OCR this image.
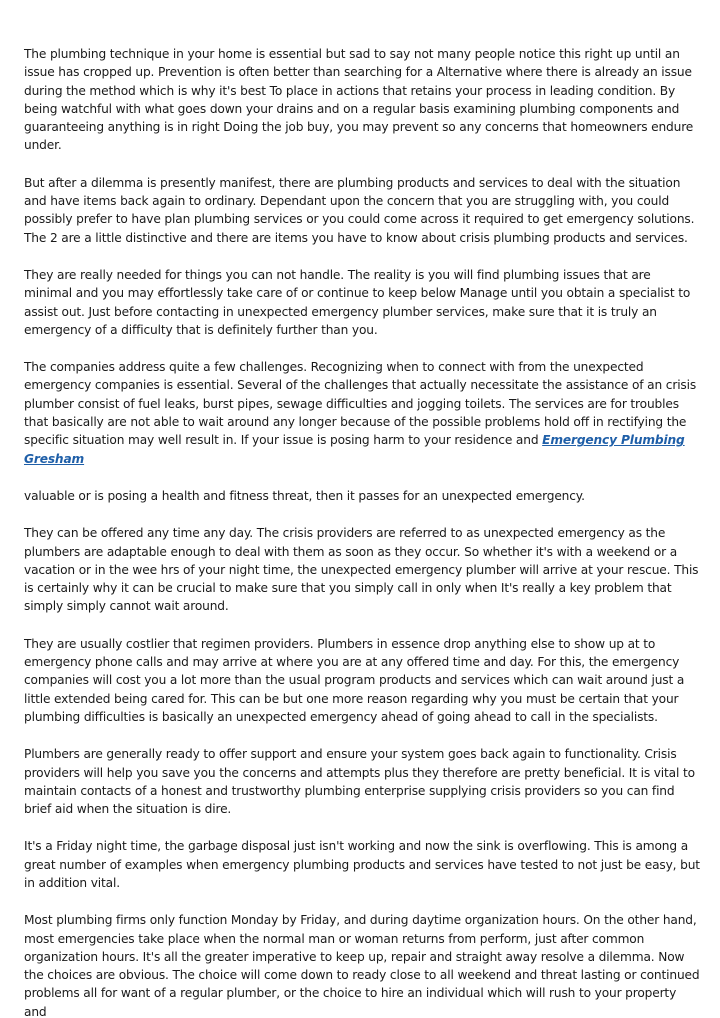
The plumbing technique in your home is essential but sad to say not many people notice this right up until an issue has cropped up. Prevention is often better than searching for a Alternative where there is already an issue during the method which is why it's best To place in actions that retains your process in leading condition. By being watchful with what goes down your drains and on a regular basis examining plumbing components and guaranteeing anything is in right Doing the job buy, you may prevent so any concerns that homeowners endure under.

But after a dilemma is presently manifest, there are plumbing products and services to deal with the situation and have items back again to ordinary. Dependant upon the concern that you are struggling with, you could possibly prefer to have plan plumbing services or you could come across it required to get emergency solutions. The 2 are a little distinctive and there are items you have to know about crisis plumbing products and services.

They are really needed for things you can not handle. The reality is you will find plumbing issues that are minimal and you may effortlessly take care of or continue to keep below Manage until you obtain a specialist to assist out. Just before contacting in unexpected emergency plumber services, make sure that it is truly an emergency of a difficulty that is definitely further than you.

The companies address quite a few challenges. Recognizing when to connect with from the unexpected emergency companies is essential. Several of the challenges that actually necessitate the assistance of an crisis plumber consist of fuel leaks, burst pipes, sewage difficulties and jogging toilets. The services are for troubles that basically are not able to wait around any longer because of the possible problems hold off in rectifying the specific situation may well result in. If your issue is posing harm to your residence and Emergency Plumbing Gresham

valuable or is posing a health and fitness threat, then it passes for an unexpected emergency.

They can be offered any time any day. The crisis providers are referred to as unexpected emergency as the plumbers are adaptable enough to deal with them as soon as they occur. So whether it's with a weekend or a vacation or in the wee hrs of your night time, the unexpected emergency plumber will arrive at your rescue. This is certainly why it can be crucial to make sure that you simply call in only when It's really a key problem that simply simply cannot wait around.

They are usually costlier that regimen providers. Plumbers in essence drop anything else to show up at to emergency phone calls and may arrive at where you are at any offered time and day. For this, the emergency companies will cost you a lot more than the usual program products and services which can wait around just a little extended being cared for. This can be but one more reason regarding why you must be certain that your plumbing difficulties is basically an unexpected emergency ahead of going ahead to call in the specialists.

Plumbers are generally ready to offer support and ensure your system goes back again to functionality. Crisis providers will help you save you the concerns and attempts plus they therefore are pretty beneficial. It is vital to maintain contacts of a honest and trustworthy plumbing enterprise supplying crisis providers so you can find brief aid when the situation is dire.

It's a Friday night time, the garbage disposal just isn't working and now the sink is overflowing. This is among a great number of examples when emergency plumbing products and services have tested to not just be easy, but in addition vital.

Most plumbing firms only function Monday by Friday, and during daytime organization hours. On the other hand, most emergencies take place when the normal man or woman returns from perform, just after common organization hours. It's all the greater imperative to keep up, repair and straight away resolve a dilemma. Now the choices are obvious. The choice will come down to ready close to all weekend and threat lasting or continued problems all for want of a regular plumber, or the choice to hire an individual which will rush to your property and
